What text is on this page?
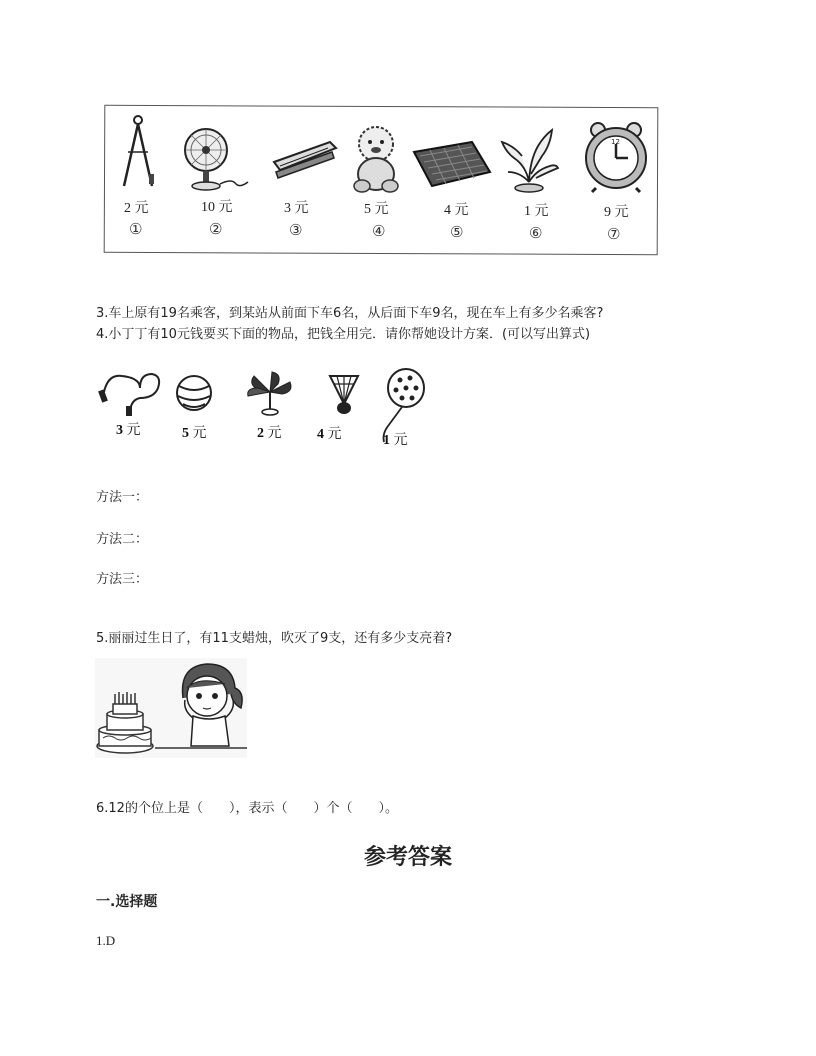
12
2 元	10 元	3 元	5 元	4 元	1 元	9 元
①	②	③	④	⑤	⑥	⑦
3.车上原有19名乘客，到某站从前面下车6名，从后面下车9名，现在车上有多少名乘客?
4.小丁丁有10元钱要买下面的物品，把钱全用完．请你帮她设计方案．(可以写出算式)
3 元	5 元	2 元	4 元	1 元
方法一：
方法二：
方法三：
5.丽丽过生日了，有11支蜡烛，吹灭了9支，还有多少支亮着?
6.12的个位上是（　　），表示（　　）个（　　）。
参考答案
一.选择题
1.D
